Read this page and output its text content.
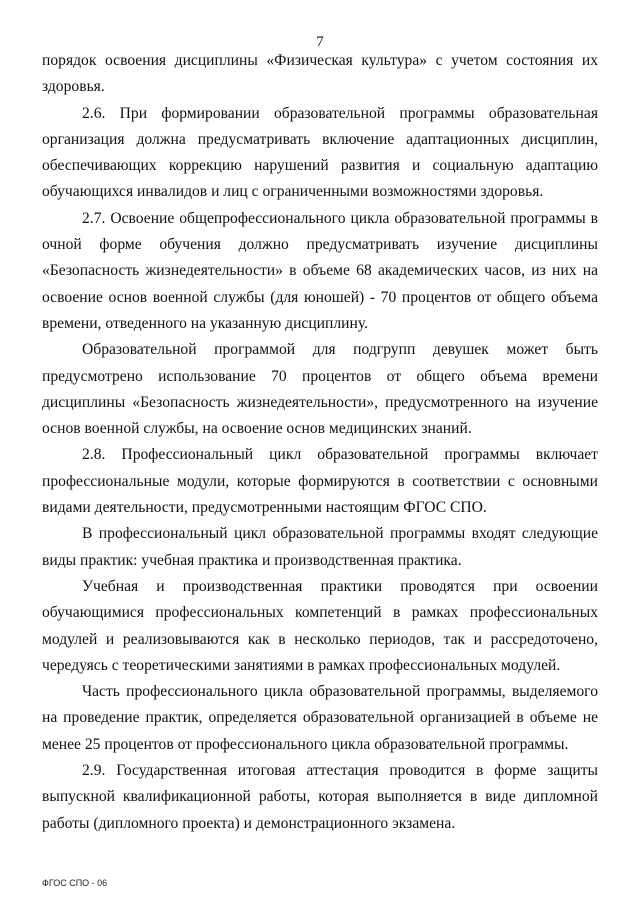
7

порядок освоения дисциплины «Физическая культура» с учетом состояния их здоровья.

2.6. При формировании образовательной программы образовательная организация должна предусматривать включение адаптационных дисциплин, обеспечивающих коррекцию нарушений развития и социальную адаптацию обучающихся инвалидов и лиц с ограниченными возможностями здоровья.

2.7. Освоение общепрофессионального цикла образовательной программы в очной форме обучения должно предусматривать изучение дисциплины «Безопасность жизнедеятельности» в объеме 68 академических часов, из них на освоение основ военной службы (для юношей) - 70 процентов от общего объема времени, отведенного на указанную дисциплину.

Образовательной программой для подгрупп девушек может быть предусмотрено использование 70 процентов от общего объема времени дисциплины «Безопасность жизнедеятельности», предусмотренного на изучение основ военной службы, на освоение основ медицинских знаний.

2.8. Профессиональный цикл образовательной программы включает профессиональные модули, которые формируются в соответствии с основными видами деятельности, предусмотренными настоящим ФГОС СПО.

В профессиональный цикл образовательной программы входят следующие виды практик: учебная практика и производственная практика.

Учебная и производственная практики проводятся при освоении обучающимися профессиональных компетенций в рамках профессиональных модулей и реализовываются как в несколько периодов, так и рассредоточено, чередуясь с теоретическими занятиями в рамках профессиональных модулей.

Часть профессионального цикла образовательной программы, выделяемого на проведение практик, определяется образовательной организацией в объеме не менее 25 процентов от профессионального цикла образовательной программы.

2.9. Государственная итоговая аттестация проводится в форме защиты выпускной квалификационной работы, которая выполняется в виде дипломной работы (дипломного проекта) и демонстрационного экзамена.

ФГОС СПО - 06
